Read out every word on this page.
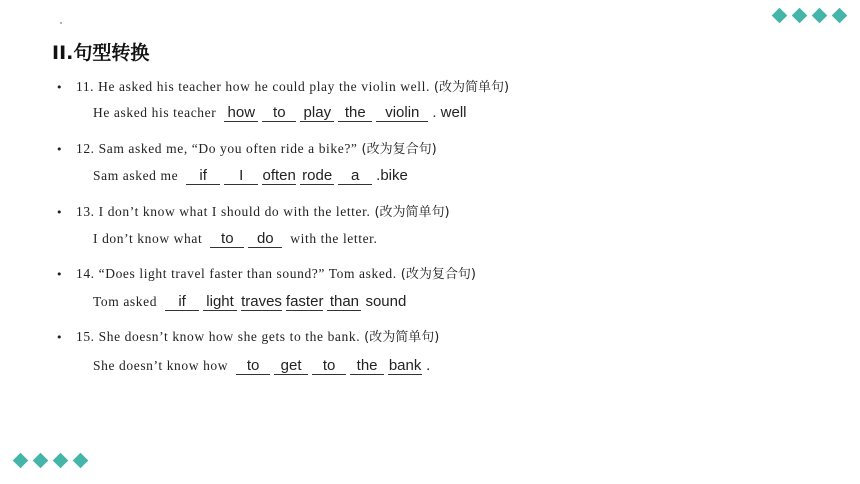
II.句型转换
• 11. He asked his teacher how he could play the violin well. (改为简单句)
He asked his teacher how to play the violin . well
• 12. Sam asked me, “Do you often ride a bike?” (改为复合句)
Sam asked me if I often rode a .bike
• 13. I don’t know what I should do with the letter. (改为简单句)
I don’t know what to do with the letter.
• 14. “Does light travel faster than sound?” Tom asked. (改为复合句)
Tom asked if light traves faster than sound
• 15. She doesn’t know how she gets to the bank. (改为简单句)
She doesn’t know how to get to the bank .
